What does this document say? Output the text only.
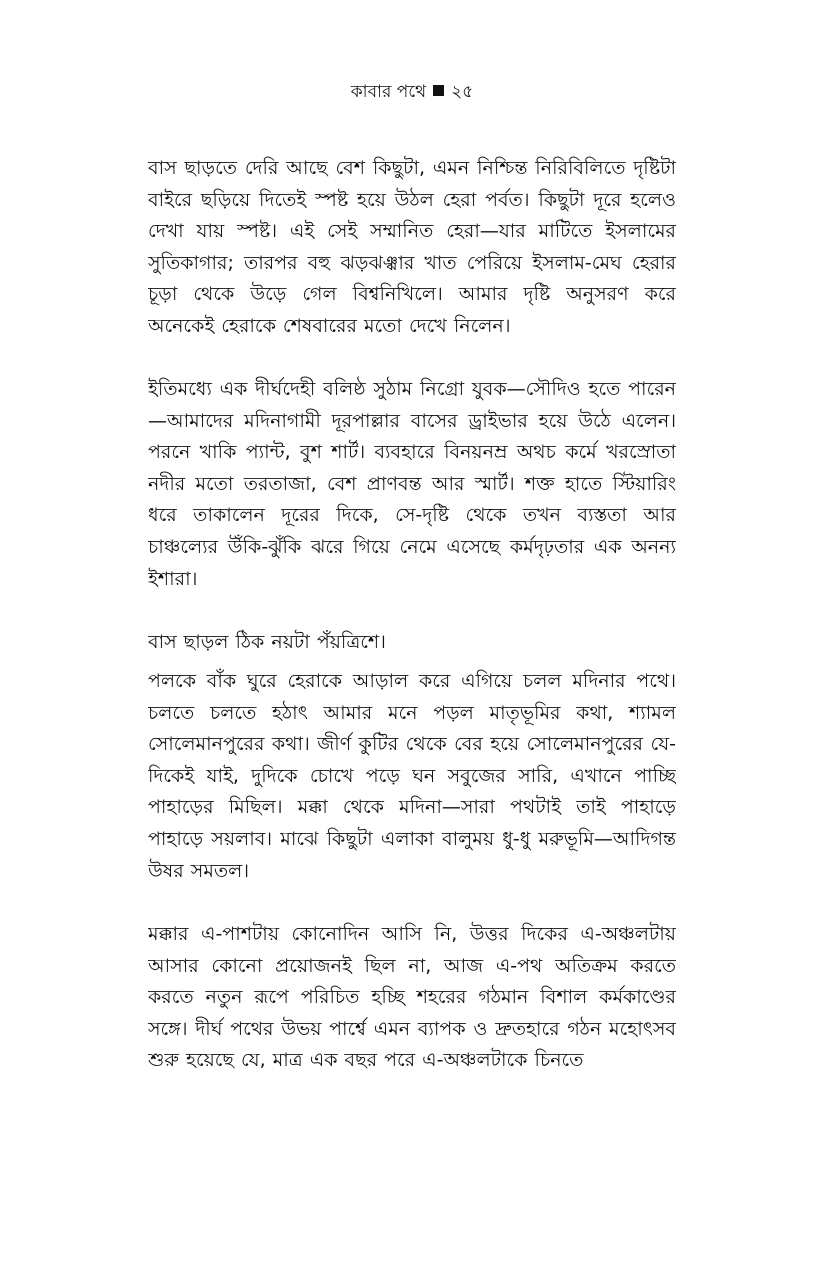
কাবার পথে ২৫

বাস ছাড়তে দেরি আছে বেশ কিছুটা, এমন নিশ্চিন্ত নিরিবিলিতে দৃষ্টিটা বাইরে ছড়িয়ে দিতেই স্পষ্ট হয়ে উঠল হেরা পর্বত। কিছুটা দূরে হলেও দেখা যায় স্পষ্ট। এই সেই সম্মানিত হেরা—যার মাটিতে ইসলামের সুতিকাগার; তারপর বহু ঝড়ঝঞ্ঝার খাত পেরিয়ে ইসলাম-মেঘ হেরার চূড়া থেকে উড়ে গেল বিশ্বনিখিলে। আমার দৃষ্টি অনুসরণ করে অনেকেই হেরাকে শেষবারের মতো দেখে নিলেন।

ইতিমধ্যে এক দীর্ঘদেহী বলিষ্ঠ সুঠাম নিগ্রো যুবক—সৌদিও হতে পারেন—আমাদের মদিনাগামী দূরপাল্লার বাসের ড্রাইভার হয়ে উঠে এলেন। পরনে খাকি প্যান্ট, বুশ শার্ট। ব্যবহারে বিনয়নম্র অথচ কর্মে খরস্রোতা নদীর মতো তরতাজা, বেশ প্রাণবন্ত আর স্মার্ট। শক্ত হাতে স্টিয়ারিং ধরে তাকালেন দূরের দিকে, সে-দৃষ্টি থেকে তখন ব্যস্ততা আর চাঞ্চল্যের উঁকি-ঝুঁকি ঝরে গিয়ে নেমে এসেছে কর্মদৃঢ়তার এক অনন্য ইশারা।

বাস ছাড়ল ঠিক নয়টা পঁয়ত্রিশে।

পলকে বাঁক ঘুরে হেরাকে আড়াল করে এগিয়ে চলল মদিনার পথে। চলতে চলতে হঠাৎ আমার মনে পড়ল মাতৃভূমির কথা, শ্যামল সোলেমানপুরের কথা। জীর্ণ কুটির থেকে বের হয়ে সোলেমানপুরের যে-দিকেই যাই, দুদিকে চোখে পড়ে ঘন সবুজের সারি, এখানে পাচ্ছি পাহাড়ের মিছিল। মক্কা থেকে মদিনা—সারা পথটাই তাই পাহাড়ে পাহাড়ে সয়লাব। মাঝে কিছুটা এলাকা বালুময় ধু-ধু মরুভূমি—আদিগন্ত উষর সমতল।

মক্কার এ-পাশটায় কোনোদিন আসি নি, উত্তর দিকের এ-অঞ্চলটায় আসার কোনো প্রয়োজনই ছিল না, আজ এ-পথ অতিক্রম করতে করতে নতুন রূপে পরিচিত হচ্ছি শহরের গঠমান বিশাল কর্মকাণ্ডের সঙ্গে। দীর্ঘ পথের উভয় পার্শ্বে এমন ব্যাপক ও দ্রুতহারে গঠন মহোৎসব শুরু হয়েছে যে, মাত্র এক বছর পরে এ-অঞ্চলটাকে চিনতে
